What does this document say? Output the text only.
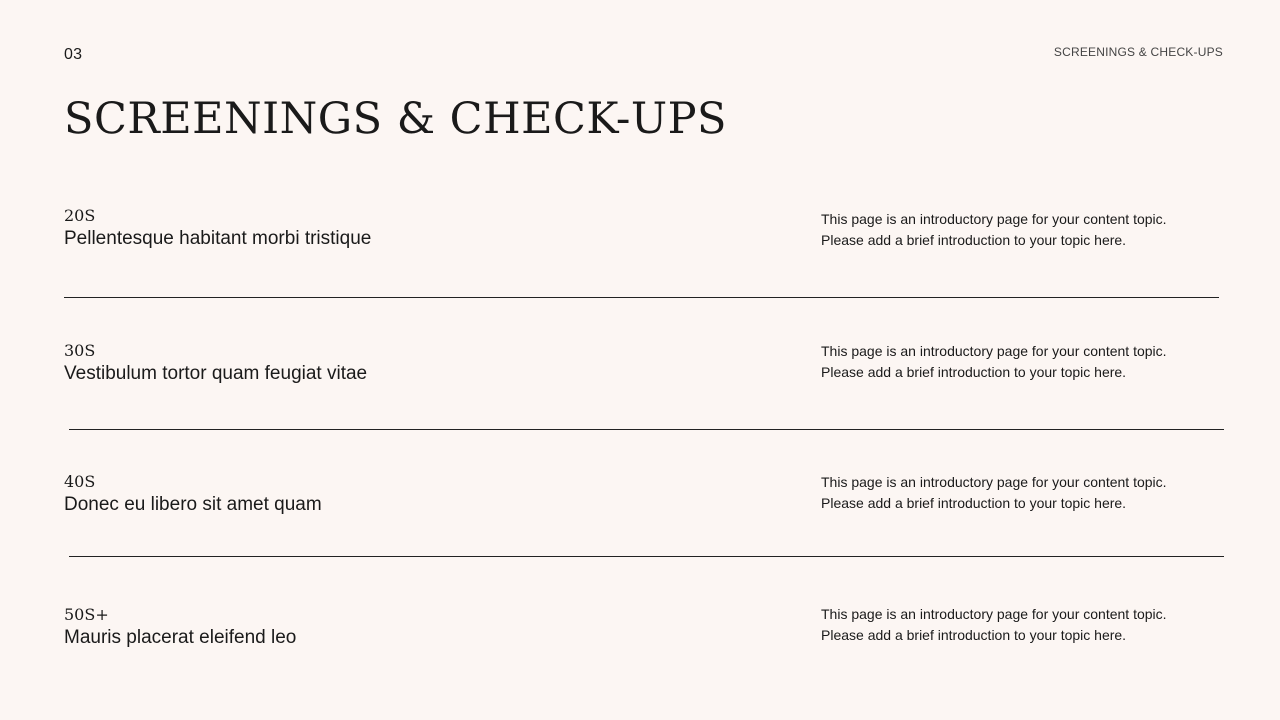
03	SCREENINGS & CHECK-UPS
SCREENINGS & CHECK-UPS
20S
Pellentesque habitant morbi tristique
This page is an introductory page for your content topic.
Please add a brief introduction to your topic here.
30S
Vestibulum tortor quam feugiat vitae
This page is an introductory page for your content topic.
Please add a brief introduction to your topic here.
40S
Donec eu libero sit amet quam
This page is an introductory page for your content topic.
Please add a brief introduction to your topic here.
50S+
Mauris placerat eleifend leo
This page is an introductory page for your content topic.
Please add a brief introduction to your topic here.
